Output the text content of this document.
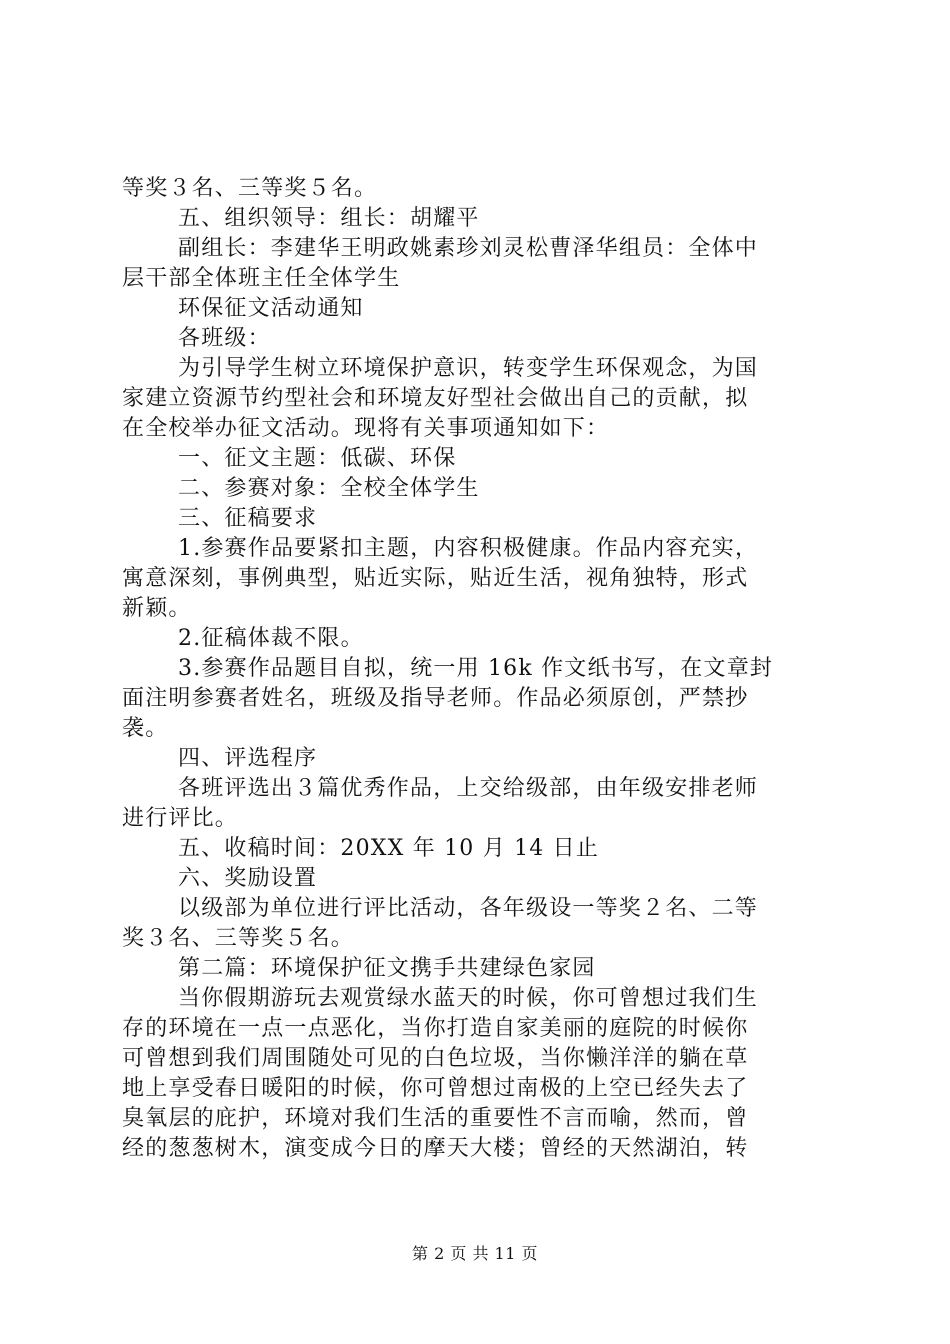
等奖３名、三等奖５名。
五、组织领导：组长：胡耀平
副组长：李建华王明政姚素珍刘灵松曹泽华组员：全体中
层干部全体班主任全体学生
环保征文活动通知
各班级：
为引导学生树立环境保护意识，转变学生环保观念，为国
家建立资源节约型社会和环境友好型社会做出自己的贡献，拟
在全校举办征文活动。现将有关事项通知如下：
一、征文主题：低碳、环保
二、参赛对象：全校全体学生
三、征稿要求
1.参赛作品要紧扣主题，内容积极健康。作品内容充实，
寓意深刻，事例典型，贴近实际，贴近生活，视角独特，形式
新颖。
2.征稿体裁不限。
3.参赛作品题目自拟，统一用 16k 作文纸书写，在文章封
面注明参赛者姓名，班级及指导老师。作品必须原创，严禁抄
袭。
四、评选程序
各班评选出３篇优秀作品，上交给级部，由年级安排老师
进行评比。
五、收稿时间：20XX 年 10 月 14 日止
六、奖励设置
以级部为单位进行评比活动，各年级设一等奖２名、二等
奖３名、三等奖５名。
第二篇：环境保护征文携手共建绿色家园
当你假期游玩去观赏绿水蓝天的时候，你可曾想过我们生
存的环境在一点一点恶化，当你打造自家美丽的庭院的时候你
可曾想到我们周围随处可见的白色垃圾，当你懒洋洋的躺在草
地上享受春日暖阳的时候，你可曾想过南极的上空已经失去了
臭氧层的庇护，环境对我们生活的重要性不言而喻，然而，曾
经的葱葱树木，演变成今日的摩天大楼；曾经的天然湖泊，转
第 2 页 共 11 页
